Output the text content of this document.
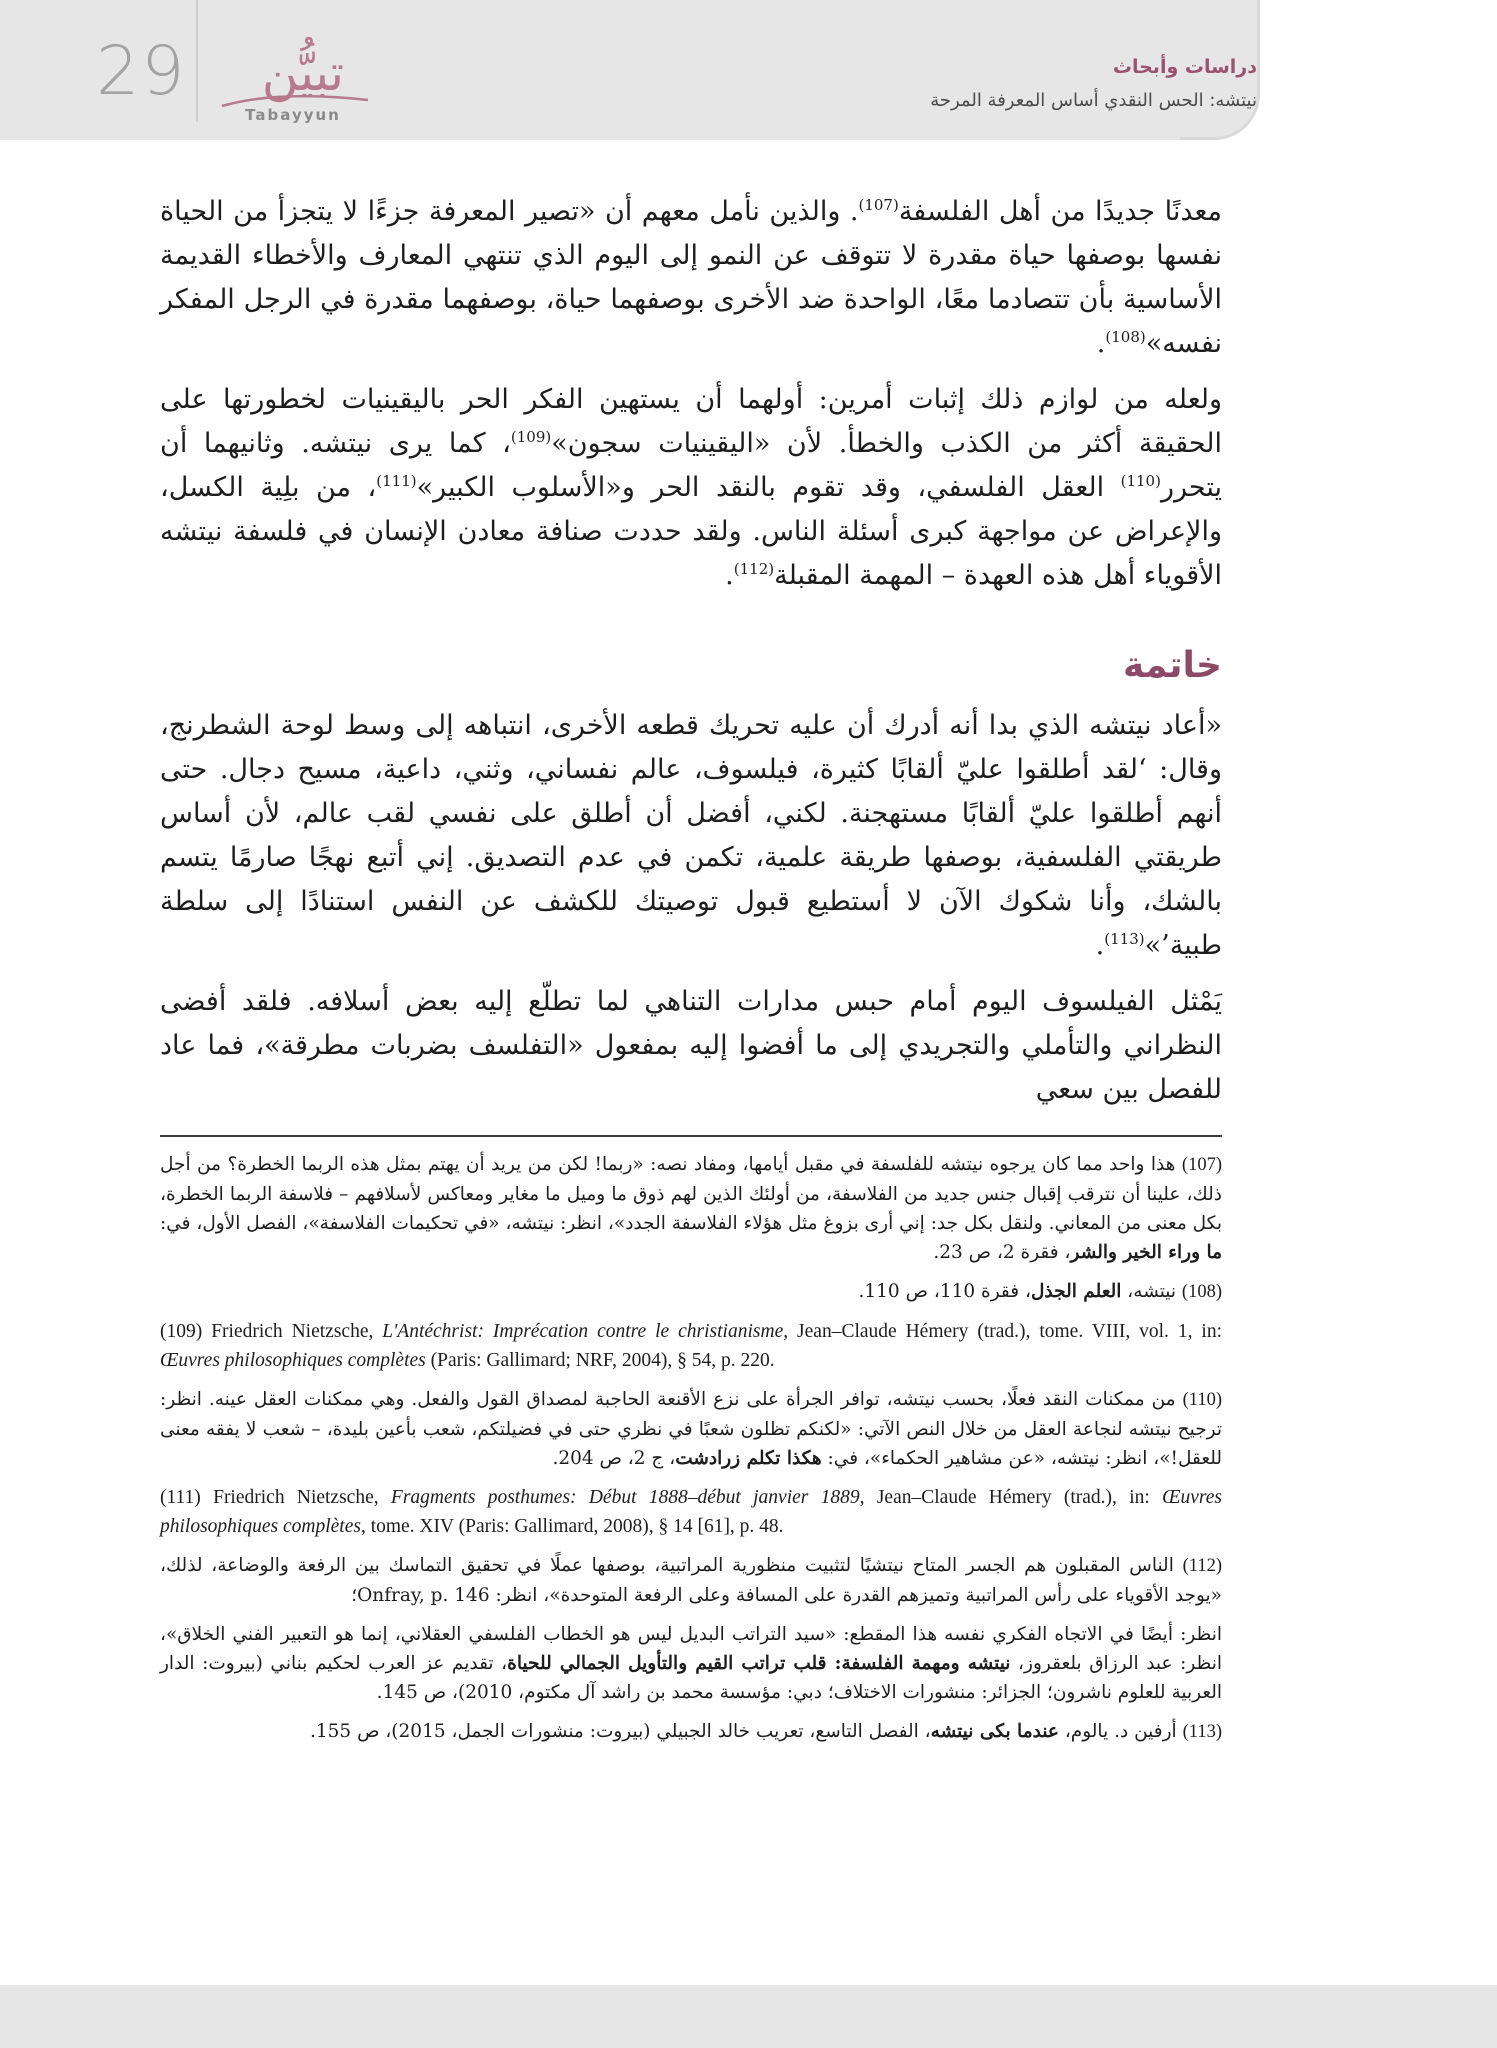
29	تبيُّن
Tabayyun
دراسات وأبحاث
نيتشه: الحس النقدي أساس المعرفة المرحة

معدنًا جديدًا من أهل الفلسفة$^{(107)}$. والذين نأمل معهم أن «تصير المعرفة جزءًا لا يتجزأ من الحياة نفسها بوصفها حياة مقدرة لا تتوقف عن النمو إلى اليوم الذي تنتهي المعارف والأخطاء القديمة الأساسية بأن تتصادما معًا، الواحدة ضد الأخرى بوصفهما حياة، بوصفهما مقدرة في الرجل المفكر نفسه»$^{(108)}$.

ولعله من لوازم ذلك إثبات أمرين: أولهما أن يستهين الفكر الحر باليقينيات لخطورتها على الحقيقة أكثر من الكذب والخطأ. لأن «اليقينيات سجون»$^{(109)}$، كما يرى نيتشه. وثانيهما أن يتحرر$^{(110)}$ العقل الفلسفي، وقد تقوم بالنقد الحر و«الأسلوب الكبير»$^{(111)}$، من بلِية الكسل، والإعراض عن مواجهة كبرى أسئلة الناس. ولقد حددت صنافة معادن الإنسان في فلسفة نيتشه الأقوياء أهل هذه العهدة – المهمة المقبلة$^{(112)}$.

خاتمة

«أعاد نيتشه الذي بدا أنه أدرك أن عليه تحريك قطعه الأخرى، انتباهه إلى وسط لوحة الشطرنج، وقال: ‘لقد أطلقوا عليّ ألقابًا كثيرة، فيلسوف، عالم نفساني، وثني، داعية، مسيح دجال. حتى أنهم أطلقوا عليّ ألقابًا مستهجنة. لكني، أفضل أن أطلق على نفسي لقب عالم، لأن أساس طريقتي الفلسفية، بوصفها طريقة علمية، تكمن في عدم التصديق. إني أتبع نهجًا صارمًا يتسم بالشك، وأنا شكوك الآن لا أستطيع قبول توصيتك للكشف عن النفس استنادًا إلى سلطة طبية’»$^{(113)}$.

يَمْثل الفيلسوف اليوم أمام حبس مدارات التناهي لما تطلّع إليه بعض أسلافه. فلقد أفضى النظراني والتأملي والتجريدي إلى ما أفضوا إليه بمفعول «التفلسف بضربات مطرقة»، فما عاد للفصل بين سعي

(107) هذا واحد مما كان يرجوه نيتشه للفلسفة في مقبل أيامها، ومفاد نصه: «ربما! لكن من يريد أن يهتم بمثل هذه الربما الخطرة؟ من أجل ذلك، علينا أن نترقب إقبال جنس جديد من الفلاسفة، من أولئك الذين لهم ذوق ما وميل ما مغاير ومعاكس لأسلافهم – فلاسفة الربما الخطرة، بكل معنى من المعاني. ولنقل بكل جد: إني أرى بزوغ مثل هؤلاء الفلاسفة الجدد»، انظر: نيتشه، «في تحكيمات الفلاسفة»، الفصل الأول، في: ما وراء الخير والشر، فقرة 2، ص 23.

(108) نيتشه، العلم الجذل، فقرة 110، ص 110.

(109) Friedrich Nietzsche, L'Antéchrist: Imprécation contre le christianisme, Jean–Claude Hémery (trad.), tome. VIII, vol. 1, in: Œuvres philosophiques complètes (Paris: Gallimard; NRF, 2004), § 54, p. 220.

(110) من ممكنات النقد فعلًا، بحسب نيتشه، توافر الجرأة على نزع الأقنعة الحاجبة لمصداق القول والفعل. وهي ممكنات العقل عينه. انظر: ترجيح نيتشه لنجاعة العقل من خلال النص الآتي: «لكنكم تظلون شعبًا في نظري حتى في فضيلتكم، شعب بأعين بليدة، – شعب لا يفقه معنى للعقل!»، انظر: نيتشه، «عن مشاهير الحكماء»، في: هكذا تكلم زرادشت، ج 2، ص 204.

(111) Friedrich Nietzsche, Fragments posthumes: Début 1888–début janvier 1889, Jean–Claude Hémery (trad.), in: Œuvres philosophiques complètes, tome. XIV (Paris: Gallimard, 2008), § 14 [61], p. 48.

(112) الناس المقبلون هم الجسر المتاح نيتشيًا لتثبيت منظورية المراتبية، بوصفها عملًا في تحقيق التماسك بين الرفعة والوضاعة، لذلك، «يوجد الأقوياء على رأس المراتبية وتميزهم القدرة على المسافة وعلى الرفعة المتوحدة»، انظر: Onfray, p. 146؛

انظر: أيضًا في الاتجاه الفكري نفسه هذا المقطع: «سيد التراتب البديل ليس هو الخطاب الفلسفي العقلاني، إنما هو التعبير الفني الخلاق»، انظر: عبد الرزاق بلعقروز، نيتشه ومهمة الفلسفة: قلب تراتب القيم والتأويل الجمالي للحياة، تقديم عز العرب لحكيم بناني (بيروت: الدار العربية للعلوم ناشرون؛ الجزائر: منشورات الاختلاف؛ دبي: مؤسسة محمد بن راشد آل مكتوم، 2010)، ص 145.

(113) أرفين د. يالوم، عندما بكى نيتشه، الفصل التاسع، تعريب خالد الجبيلي (بيروت: منشورات الجمل، 2015)، ص 155.
